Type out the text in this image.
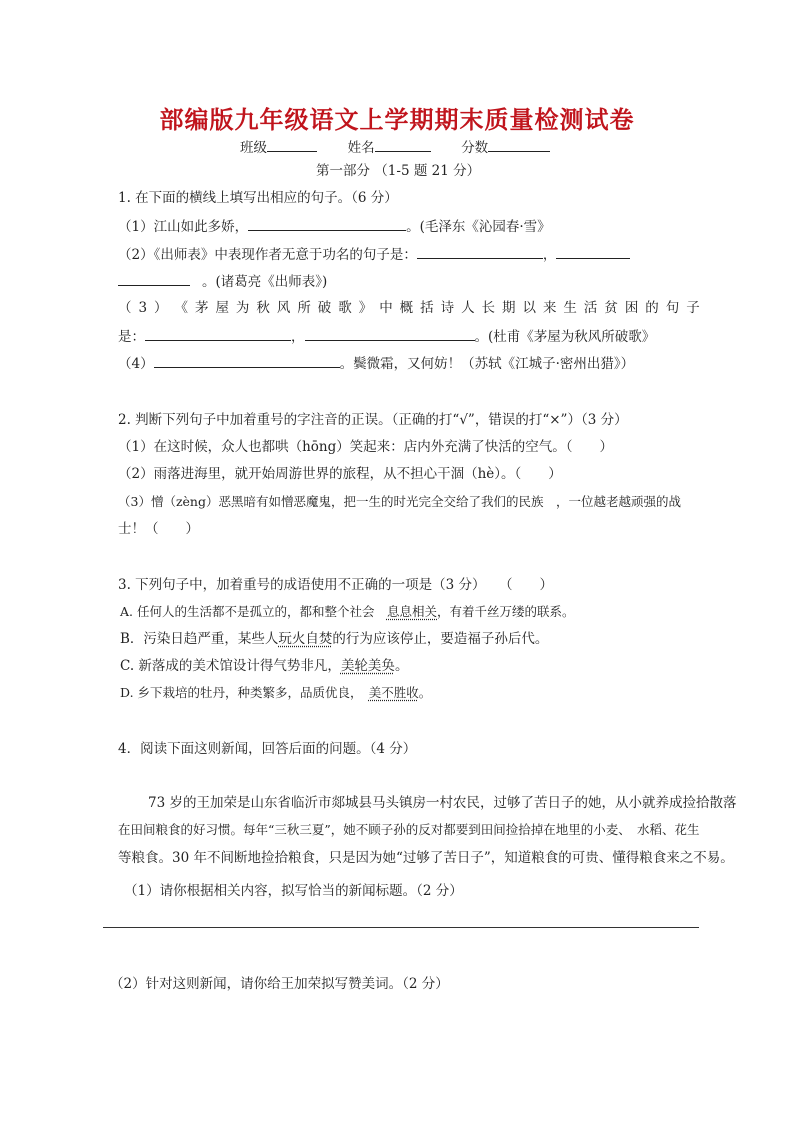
部编版九年级语文上学期期末质量检测试卷
班级	姓名	分数
第一部分 （1-5 题 21 分）
1. 在下面的横线上填写出相应的句子。（6 分）
（1）江山如此多娇，	。(毛泽东《沁园春·雪》
（2）《出师表》中表现作者无意于功名的句子是：	，
。(诸葛亮《出师表》)
（ 3 ） 《 茅 屋 为 秋 风 所 破 歌 》 中 概 括 诗 人 长 期 以 来 生 活 贫 困 的 句 子
是：	，	。(杜甫《茅屋为秋风所破歌》
（4）	。鬓微霜，又何妨！（苏轼《江城子·密州出猎》）
2. 判断下列句子中加着重号的字注音的正误。（正确的打“√”，错误的打“×”）（3 分）
（1）在这时候，众人也都哄（hōng）笑起来：店内外充满了快活的空气。（　　）
（2）雨落进海里，就开始周游世界的旅程，从不担心干涸（hè）。（　　）
（3）憎（zèng）恶黑暗有如憎恶魔鬼，把一生的时光完全交给了我们的民族　，一位越老越顽强的战
士！（　　）
3. 下列句子中，加着重号的成语使用不正确的一项是（3 分）　　（　　）
A. 任何人的生活都不是孤立的，都和整个社会　息息相关，有着千丝万缕的联系。
B．污染日趋严重，某些人玩火自焚的行为应该停止，要造福子孙后代。
C. 新落成的美术馆设计得气势非凡，美轮美奂。
D. 乡下栽培的牡丹，种类繁多，品质优良，　美不胜收。
4．阅读下面这则新闻，回答后面的问题。（4 分）
73 岁的王加荣是山东省临沂市郯城县马头镇房一村农民，过够了苦日子的她，从小就养成捡拾散落
在田间粮食的好习惯。每年“三秋三夏”，她不顾子孙的反对都要到田间捡拾掉在地里的小麦、　水稻、花生
等粮食。30 年不间断地捡拾粮食，只是因为她“过够了苦日子”，知道粮食的可贵、懂得粮食来之不易。
（1）请你根据相关内容，拟写恰当的新闻标题。（2 分）
（2）针对这则新闻，请你给王加荣拟写赞美词。（2 分）
